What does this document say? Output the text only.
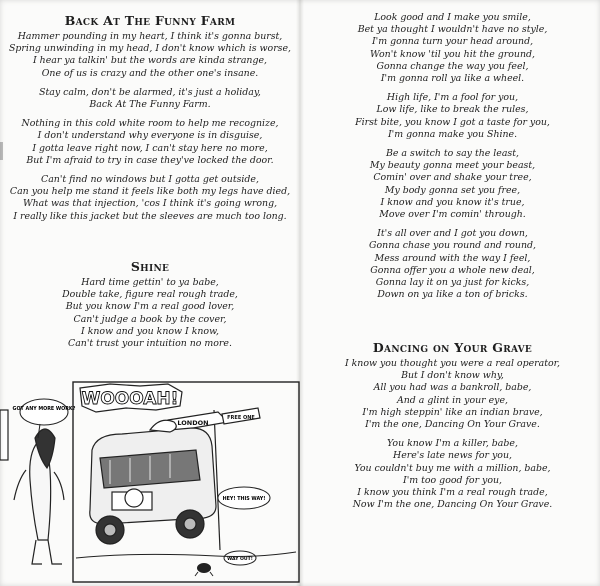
Back At The Funny Farm
Hammer pounding in my heart, I think it's gonna burst,
Spring unwinding in my head, I don't know which is worse,
I hear ya talkin' but the words are kinda strange,
One of us is crazy and the other one's insane.
Stay calm, don't be alarmed, it's just a holiday,
Back At The Funny Farm.
Nothing in this cold white room to help me recognize,
I don't understand why everyone is in disguise,
I gotta leave right now, I can't stay here no more,
But I'm afraid to try in case they've locked the door.
Can't find no windows but I gotta get outside,
Can you help me stand it feels like both my legs have died,
What was that injection, 'cos I think it's going wrong,
I really like this jacket but the sleeves are much too long.
Shine
Hard time gettin' to ya babe,
Double take, figure real rough trade,
But you know I'm a real good lover,
Can't judge a book by the cover,
I know and you know I know,
Can't trust your intuition no more.
Look good and I make you smile,
Bet ya thought I wouldn't have no style,
I'm gonna turn your head around,
Won't know 'til you hit the ground,
Gonna change the way you feel,
I'm gonna roll ya like a wheel.
High life, I'm a fool for you,
Low life, like to break the rules,
First bite, you know I got a taste for you,
I'm gonna make you Shine.
Be a switch to say the least,
My beauty gonna meet your beast,
Comin' over and shake your tree,
My body gonna set you free,
I know and you know it's true,
Move over I'm comin' through.
It's all over and I got you down,
Gonna chase you round and round,
Mess around with the way I feel,
Gonna offer you a whole new deal,
Gonna lay it on ya just for kicks,
Down on ya like a ton of bricks.
Dancing on Your Grave
I know you thought you were a real operator,
But I don't know why,
All you had was a bankroll, babe,
And a glint in your eye,
I'm high steppin' like an indian brave,
I'm the one, Dancing On Your Grave.
You know I'm a killer, babe,
Here's late news for you,
You couldn't buy me with a million, babe,
I'm too good for you,
I know you think I'm a real rough trade,
Now I'm the one, Dancing On Your Grave.
GOT ANY MORE WORK?
WOOOAH!
LONDON
FREE ONE
HEY! THIS WAY!
WAY OUT!
